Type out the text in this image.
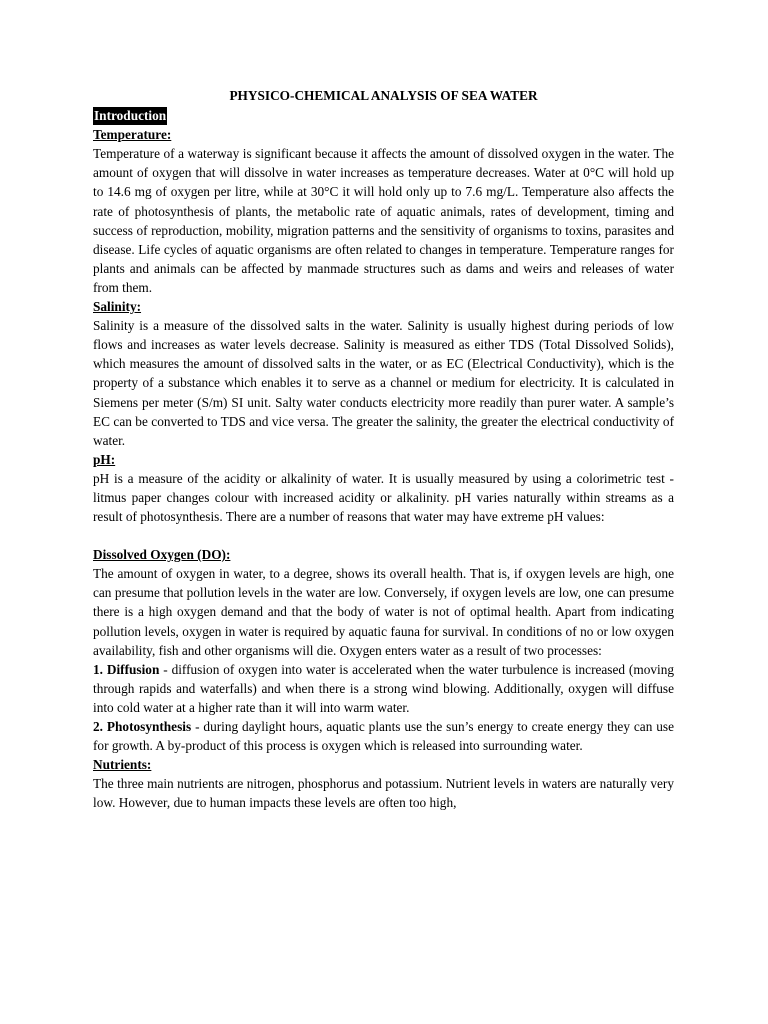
PHYSICO-CHEMICAL ANALYSIS OF SEA WATER
Introduction
Temperature:

Temperature of a waterway is significant because it affects the amount of dissolved oxygen in the water. The amount of oxygen that will dissolve in water increases as temperature decreases. Water at 0°C will hold up to 14.6 mg of oxygen per litre, while at 30°C it will hold only up to 7.6 mg/L. Temperature also affects the rate of photosynthesis of plants, the metabolic rate of aquatic animals, rates of development, timing and success of reproduction, mobility, migration patterns and the sensitivity of organisms to toxins, parasites and disease. Life cycles of aquatic organisms are often related to changes in temperature. Temperature ranges for plants and animals can be affected by manmade structures such as dams and weirs and releases of water from them.

Salinity:

Salinity is a measure of the dissolved salts in the water. Salinity is usually highest during periods of low flows and increases as water levels decrease. Salinity is measured as either TDS (Total Dissolved Solids), which measures the amount of dissolved salts in the water, or as EC (Electrical Conductivity), which is the property of a substance which enables it to serve as a channel or medium for electricity. It is calculated in Siemens per meter (S/m) SI unit. Salty water conducts electricity more readily than purer water. A sample’s EC can be converted to TDS and vice versa. The greater the salinity, the greater the electrical conductivity of water.

pH:

pH is a measure of the acidity or alkalinity of water. It is usually measured by using a colorimetric test - litmus paper changes colour with increased acidity or alkalinity. pH varies naturally within streams as a result of photosynthesis. There are a number of reasons that water may have extreme pH values:

Dissolved Oxygen (DO):

The amount of oxygen in water, to a degree, shows its overall health. That is, if oxygen levels are high, one can presume that pollution levels in the water are low. Conversely, if oxygen levels are low, one can presume there is a high oxygen demand and that the body of water is not of optimal health. Apart from indicating pollution levels, oxygen in water is required by aquatic fauna for survival. In conditions of no or low oxygen availability, fish and other organisms will die. Oxygen enters water as a result of two processes:

1. Diffusion - diffusion of oxygen into water is accelerated when the water turbulence is increased (moving through rapids and waterfalls) and when there is a strong wind blowing. Additionally, oxygen will diffuse into cold water at a higher rate than it will into warm water.

2. Photosynthesis - during daylight hours, aquatic plants use the sun’s energy to create energy they can use for growth. A by-product of this process is oxygen which is released into surrounding water.

Nutrients:

The three main nutrients are nitrogen, phosphorus and potassium. Nutrient levels in waters are naturally very low. However, due to human impacts these levels are often too high,
